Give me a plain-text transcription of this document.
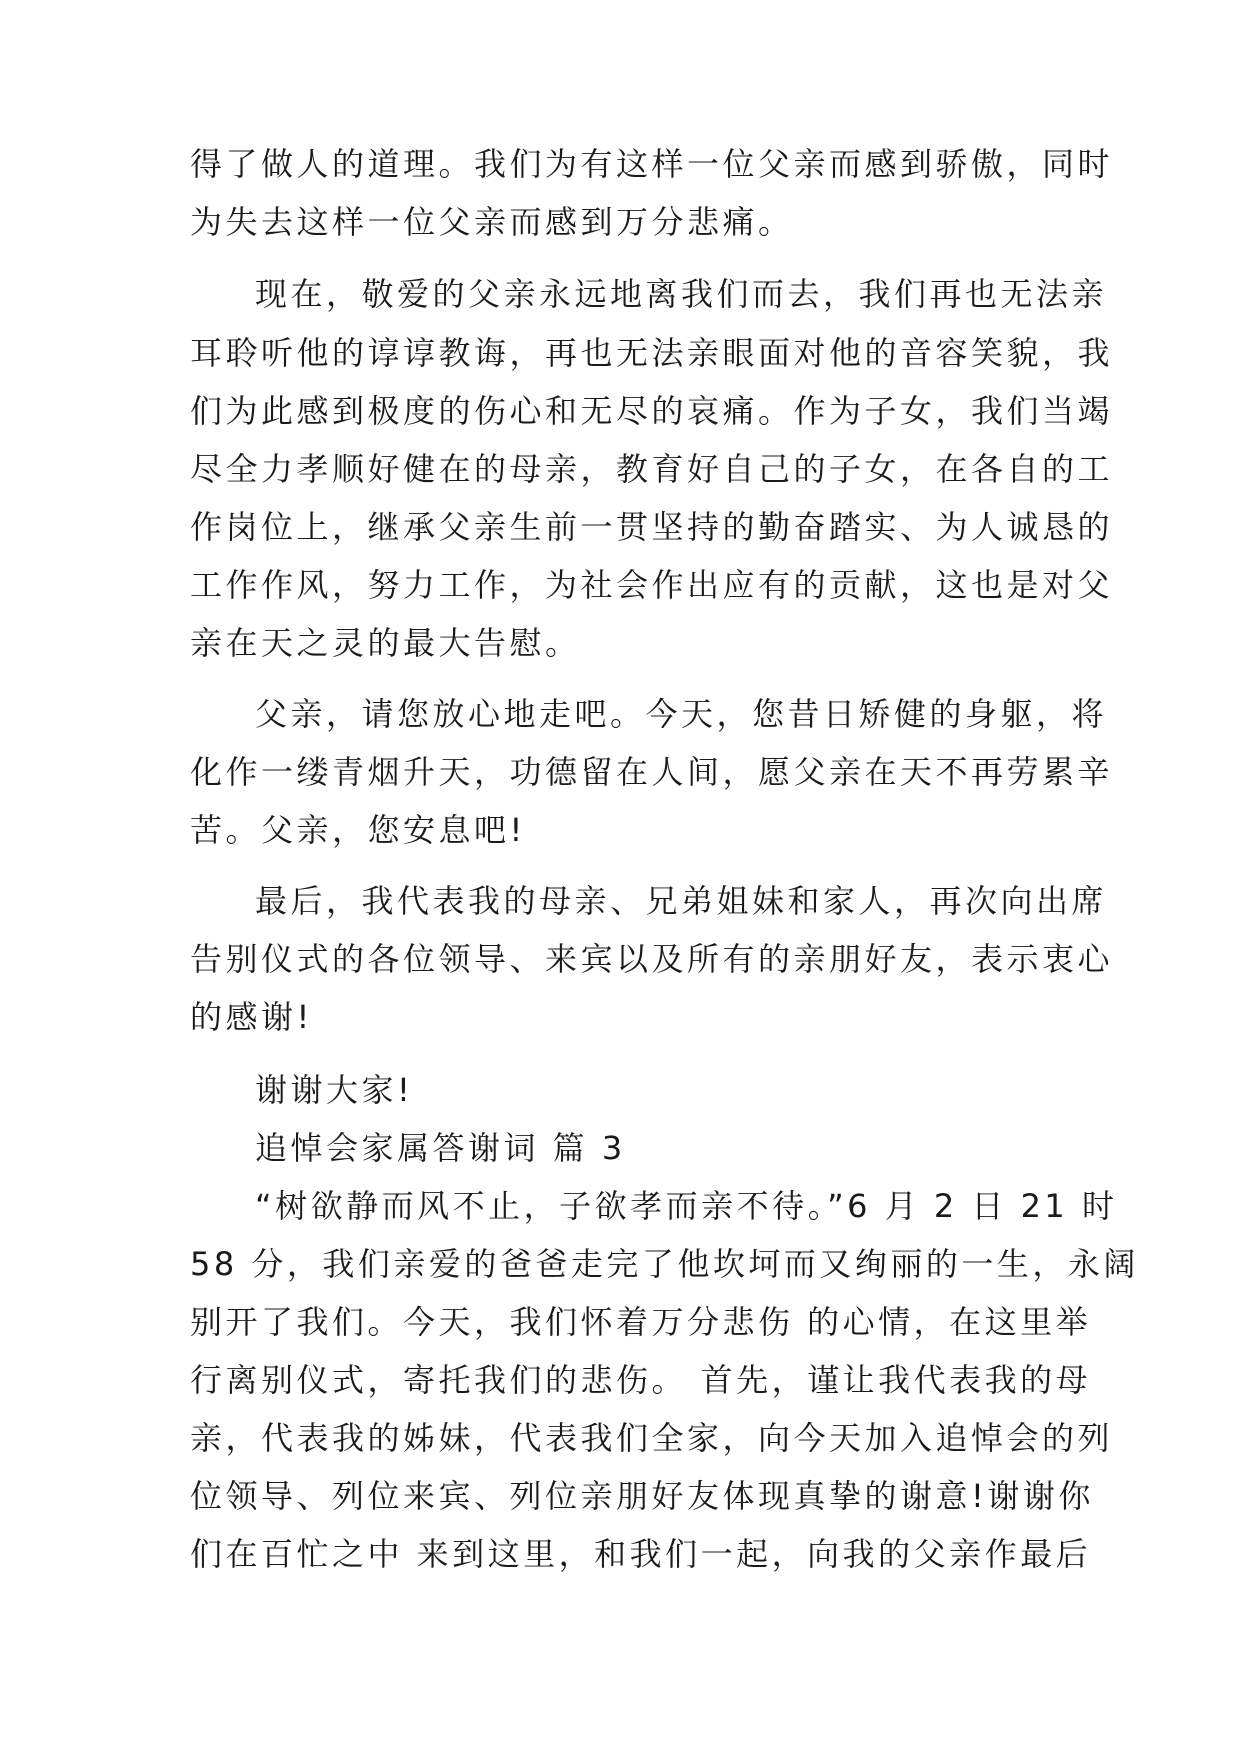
得了做人的道理。我们为有这样一位父亲而感到骄傲，同时
为失去这样一位父亲而感到万分悲痛。
现在，敬爱的父亲永远地离我们而去，我们再也无法亲
耳聆听他的谆谆教诲，再也无法亲眼面对他的音容笑貌，我
们为此感到极度的伤心和无尽的哀痛。作为子女，我们当竭
尽全力孝顺好健在的母亲，教育好自己的子女，在各自的工
作岗位上，继承父亲生前一贯坚持的勤奋踏实、为人诚恳的
工作作风，努力工作，为社会作出应有的贡献，这也是对父
亲在天之灵的最大告慰。
父亲，请您放心地走吧。今天，您昔日矫健的身躯，将
化作一缕青烟升天，功德留在人间，愿父亲在天不再劳累辛
苦。父亲，您安息吧!
最后，我代表我的母亲、兄弟姐妹和家人，再次向出席
告别仪式的各位领导、来宾以及所有的亲朋好友，表示衷心
的感谢!
谢谢大家!
追悼会家属答谢词 篇 3
“树欲静而风不止，子欲孝而亲不待。”6 月 2 日 21 时
58 分，我们亲爱的爸爸走完了他坎坷而又绚丽的一生，永阔
别开了我们。今天，我们怀着万分悲伤 的心情，在这里举
行离别仪式，寄托我们的悲伤。 首先，谨让我代表我的母
亲，代表我的姊妹，代表我们全家，向今天加入追悼会的列
位领导、列位来宾、列位亲朋好友体现真挚的谢意!谢谢你
们在百忙之中 来到这里，和我们一起，向我的父亲作最后
